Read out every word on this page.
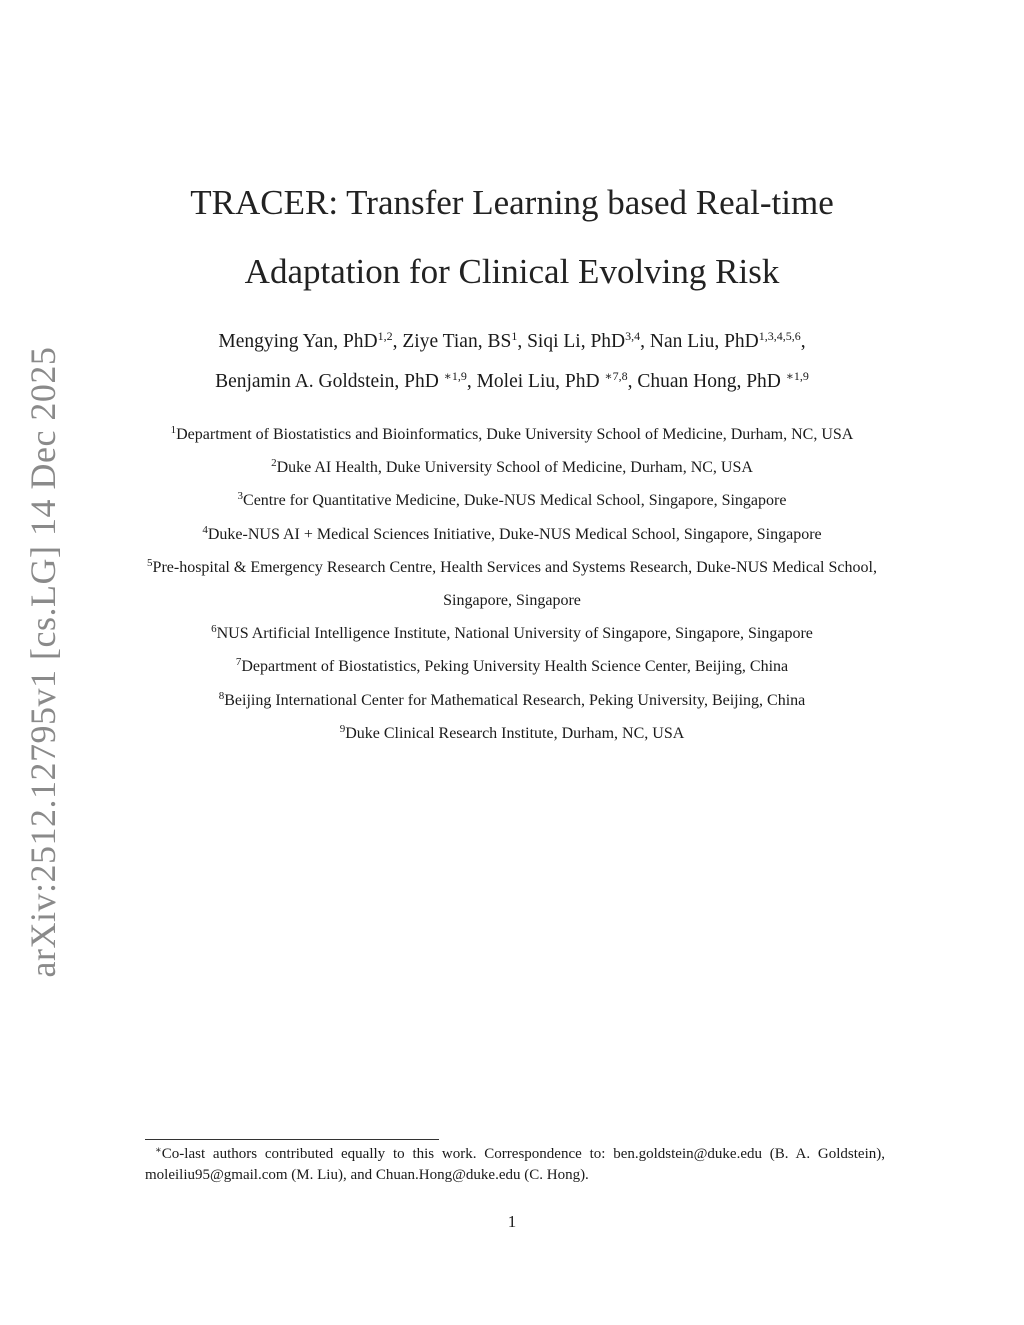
arXiv:2512.12795v1 [cs.LG] 14 Dec 2025
TRACER: Transfer Learning based Real-time
Adaptation for Clinical Evolving Risk
Mengying Yan, PhD$^{1,2}$, Ziye Tian, $BS^1$, Siqi Li, PhD$^{3,4}$, Nan Liu, PhD$^{1,3,4,5,6}$,
Benjamin A. Goldstein, PhD $^{∗1,9}$, Molei Liu, PhD $^{∗7,8}$, Chuan Hong, PhD $^{∗1,9}$
$^1$Department of Biostatistics and Bioinformatics, Duke University School of Medicine, Durham, NC, USA
$^2$Duke AI Health, Duke University School of Medicine, Durham, NC, USA
$^3$Centre for Quantitative Medicine, Duke-NUS Medical School, Singapore, Singapore
$^4$Duke-NUS AI + Medical Sciences Initiative, Duke-NUS Medical School, Singapore, Singapore
$^5$Pre-hospital & Emergency Research Centre, Health Services and Systems Research, Duke-NUS Medical School, Singapore, Singapore
$^6$NUS Artificial Intelligence Institute, National University of Singapore, Singapore, Singapore
$^7$Department of Biostatistics, Peking University Health Science Center, Beijing, China
$^8$Beijing International Center for Mathematical Research, Peking University, Beijing, China
$^9$Duke Clinical Research Institute, Durham, NC, USA
∗Co-last authors contributed equally to this work. Correspondence to: ben.goldstein@duke.edu (B. A. Goldstein), moleiliu95@gmail.com (M. Liu), and Chuan.Hong@duke.edu (C. Hong).
1
